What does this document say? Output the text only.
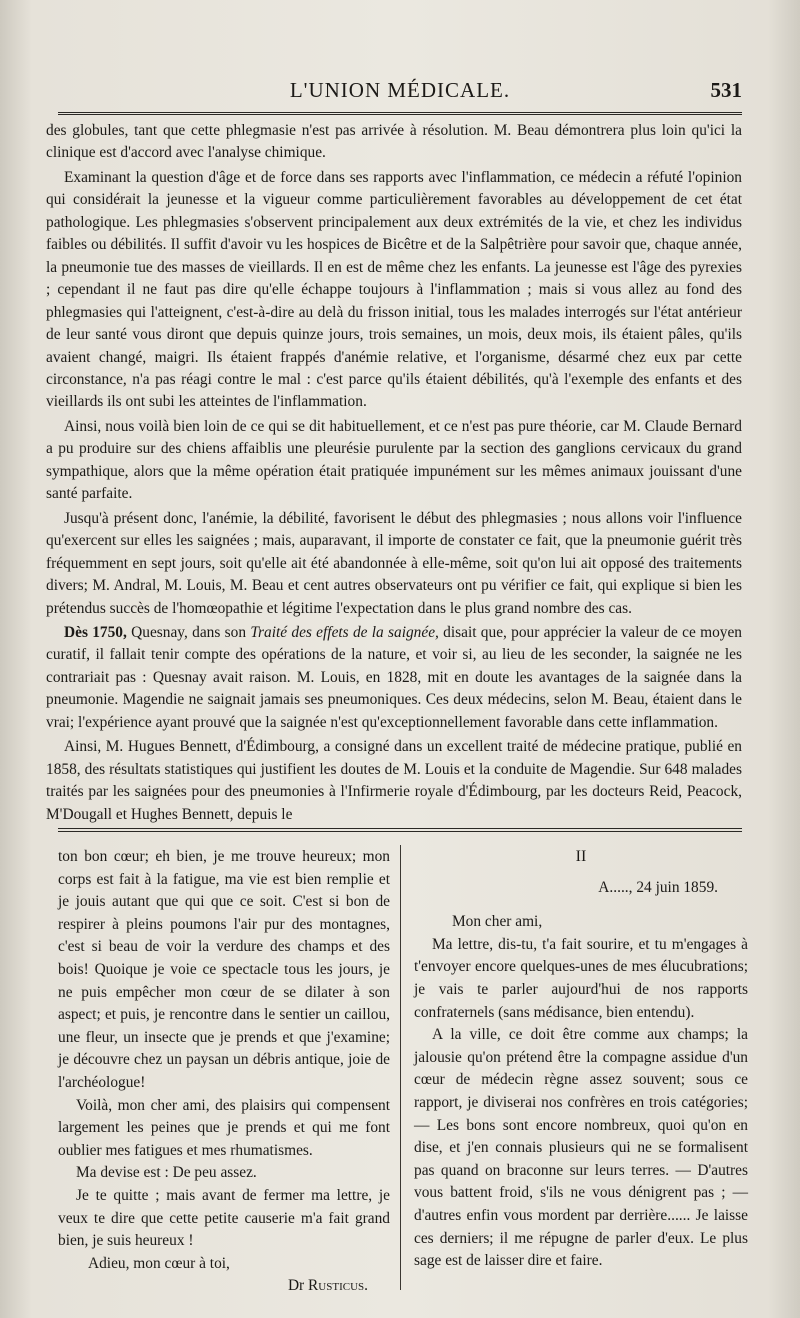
L'UNION MÉDICALE.	531

des globules, tant que cette phlegmasie n'est pas arrivée à résolution. M. Beau démontrera plus loin qu'ici la clinique est d'accord avec l'analyse chimique.

Examinant la question d'âge et de force dans ses rapports avec l'inflammation, ce médecin a réfuté l'opinion qui considérait la jeunesse et la vigueur comme particulièrement favorables au développement de cet état pathologique. Les phlegmasies s'observent principalement aux deux extrémités de la vie, et chez les individus faibles ou débilités. Il suffit d'avoir vu les hospices de Bicêtre et de la Salpêtrière pour savoir que, chaque année, la pneumonie tue des masses de vieillards. Il en est de même chez les enfants. La jeunesse est l'âge des pyrexies ; cependant il ne faut pas dire qu'elle échappe toujours à l'inflammation ; mais si vous allez au fond des phlegmasies qui l'atteignent, c'est-à-dire au delà du frisson initial, tous les malades interrogés sur l'état antérieur de leur santé vous diront que depuis quinze jours, trois semaines, un mois, deux mois, ils étaient pâles, qu'ils avaient changé, maigri. Ils étaient frappés d'anémie relative, et l'organisme, désarmé chez eux par cette circonstance, n'a pas réagi contre le mal : c'est parce qu'ils étaient débilités, qu'à l'exemple des enfants et des vieillards ils ont subi les atteintes de l'inflammation.

Ainsi, nous voilà bien loin de ce qui se dit habituellement, et ce n'est pas pure théorie, car M. Claude Bernard a pu produire sur des chiens affaiblis une pleurésie purulente par la section des ganglions cervicaux du grand sympathique, alors que la même opération était pratiquée impunément sur les mêmes animaux jouissant d'une santé parfaite.

Jusqu'à présent donc, l'anémie, la débilité, favorisent le début des phlegmasies ; nous allons voir l'influence qu'exercent sur elles les saignées ; mais, auparavant, il importe de constater ce fait, que la pneumonie guérit très fréquemment en sept jours, soit qu'elle ait été abandonnée à elle-même, soit qu'on lui ait opposé des traitements divers; M. Andral, M. Louis, M. Beau et cent autres observateurs ont pu vérifier ce fait, qui explique si bien les prétendus succès de l'homœopathie et légitime l'expectation dans le plus grand nombre des cas.

Dès 1750, Quesnay, dans son Traité des effets de la saignée, disait que, pour apprécier la valeur de ce moyen curatif, il fallait tenir compte des opérations de la nature, et voir si, au lieu de les seconder, la saignée ne les contrariait pas : Quesnay avait raison. M. Louis, en 1828, mit en doute les avantages de la saignée dans la pneumonie. Magendie ne saignait jamais ses pneumoniques. Ces deux médecins, selon M. Beau, étaient dans le vrai; l'expérience ayant prouvé que la saignée n'est qu'exceptionnellement favorable dans cette inflammation.

Ainsi, M. Hugues Bennett, d'Édimbourg, a consigné dans un excellent traité de médecine pratique, publié en 1858, des résultats statistiques qui justifient les doutes de M. Louis et la conduite de Magendie. Sur 648 malades traités par les saignées pour des pneumonies à l'Infirmerie royale d'Édimbourg, par les docteurs Reid, Peacock, M'Dougall et Hughes Bennett, depuis le

ton bon cœur; eh bien, je me trouve heureux; mon corps est fait à la fatigue, ma vie est bien remplie et je jouis autant que qui que ce soit. C'est si bon de respirer à pleins poumons l'air pur des montagnes, c'est si beau de voir la verdure des champs et des bois! Quoique je voie ce spectacle tous les jours, je ne puis empêcher mon cœur de se dilater à son aspect; et puis, je rencontre dans le sentier un caillou, une fleur, un insecte que je prends et que j'examine; je découvre chez un paysan un débris antique, joie de l'archéologue!

Voilà, mon cher ami, des plaisirs qui compensent largement les peines que je prends et qui me font oublier mes fatigues et mes rhumatismes.

Ma devise est : De peu assez.

Je te quitte ; mais avant de fermer ma lettre, je veux te dire que cette petite causerie m'a fait grand bien, je suis heureux !

Adieu, mon cœur à toi,

Dr Rusticus.

II

A....., 24 juin 1859.

Mon cher ami,

Ma lettre, dis-tu, t'a fait sourire, et tu m'engages à t'envoyer encore quelques-unes de mes élucubrations; je vais te parler aujourd'hui de nos rapports confraternels (sans médisance, bien entendu).

A la ville, ce doit être comme aux champs; la jalousie qu'on prétend être la compagne assidue d'un cœur de médecin règne assez souvent; sous ce rapport, je diviserai nos confrères en trois catégories; — Les bons sont encore nombreux, quoi qu'on en dise, et j'en connais plusieurs qui ne se formalisent pas quand on braconne sur leurs terres. — D'autres vous battent froid, s'ils ne vous dénigrent pas ; — d'autres enfin vous mordent par derrière...... Je laisse ces derniers; il me répugne de parler d'eux. Le plus sage est de laisser dire et faire.
